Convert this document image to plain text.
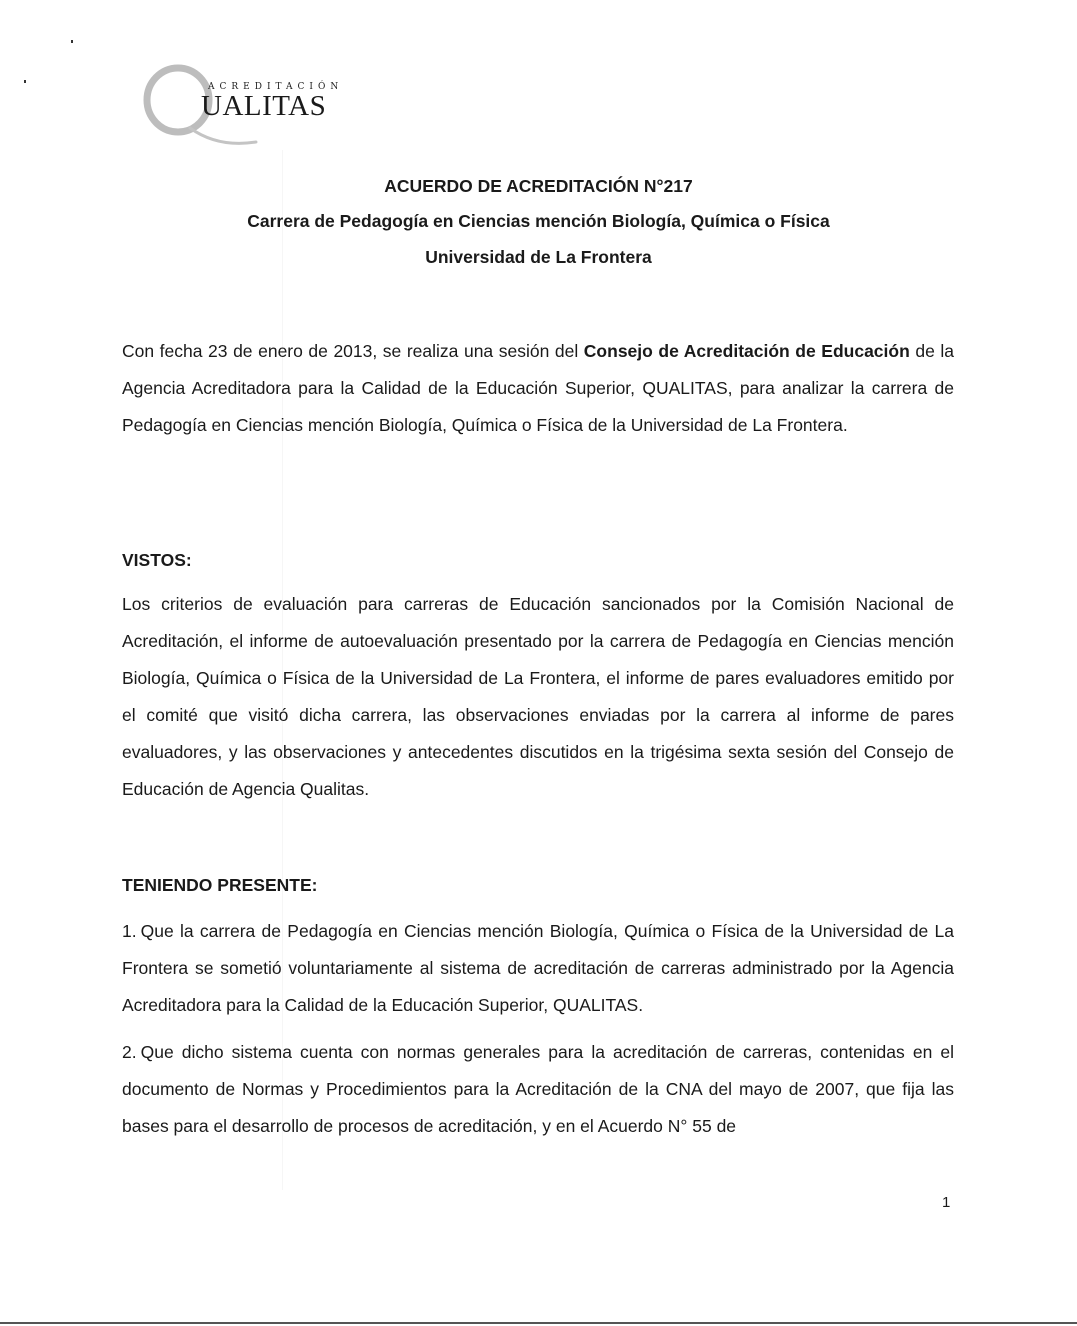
ACREDITACIÓN
UALITAS
ACUERDO DE ACREDITACIÓN N°217
Carrera de Pedagogía en Ciencias mención Biología, Química o Física
Universidad de La Frontera

Con fecha 23 de enero de 2013, se realiza una sesión del Consejo de Acreditación de Educación de la Agencia Acreditadora para la Calidad de la Educación Superior, QUALITAS, para analizar la carrera de Pedagogía en Ciencias mención Biología, Química o Física de la Universidad de La Frontera.

VISTOS:

Los criterios de evaluación para carreras de Educación sancionados por la Comisión Nacional de Acreditación, el informe de autoevaluación presentado por la carrera de Pedagogía en Ciencias mención Biología, Química o Física de la Universidad de La Frontera, el informe de pares evaluadores emitido por el comité que visitó dicha carrera, las observaciones enviadas por la carrera al informe de pares evaluadores, y las observaciones y antecedentes discutidos en la trigésima sexta sesión del Consejo de Educación de Agencia Qualitas.

TENIENDO PRESENTE:

1. Que la carrera de Pedagogía en Ciencias mención Biología, Química o Física de la Universidad de La Frontera se sometió voluntariamente al sistema de acreditación de carreras administrado por la Agencia Acreditadora para la Calidad de la Educación Superior, QUALITAS.

2. Que dicho sistema cuenta con normas generales para la acreditación de carreras, contenidas en el documento de Normas y Procedimientos para la Acreditación de la CNA del mayo de 2007, que fija las bases para el desarrollo de procesos de acreditación, y en el Acuerdo N° 55 de

1
